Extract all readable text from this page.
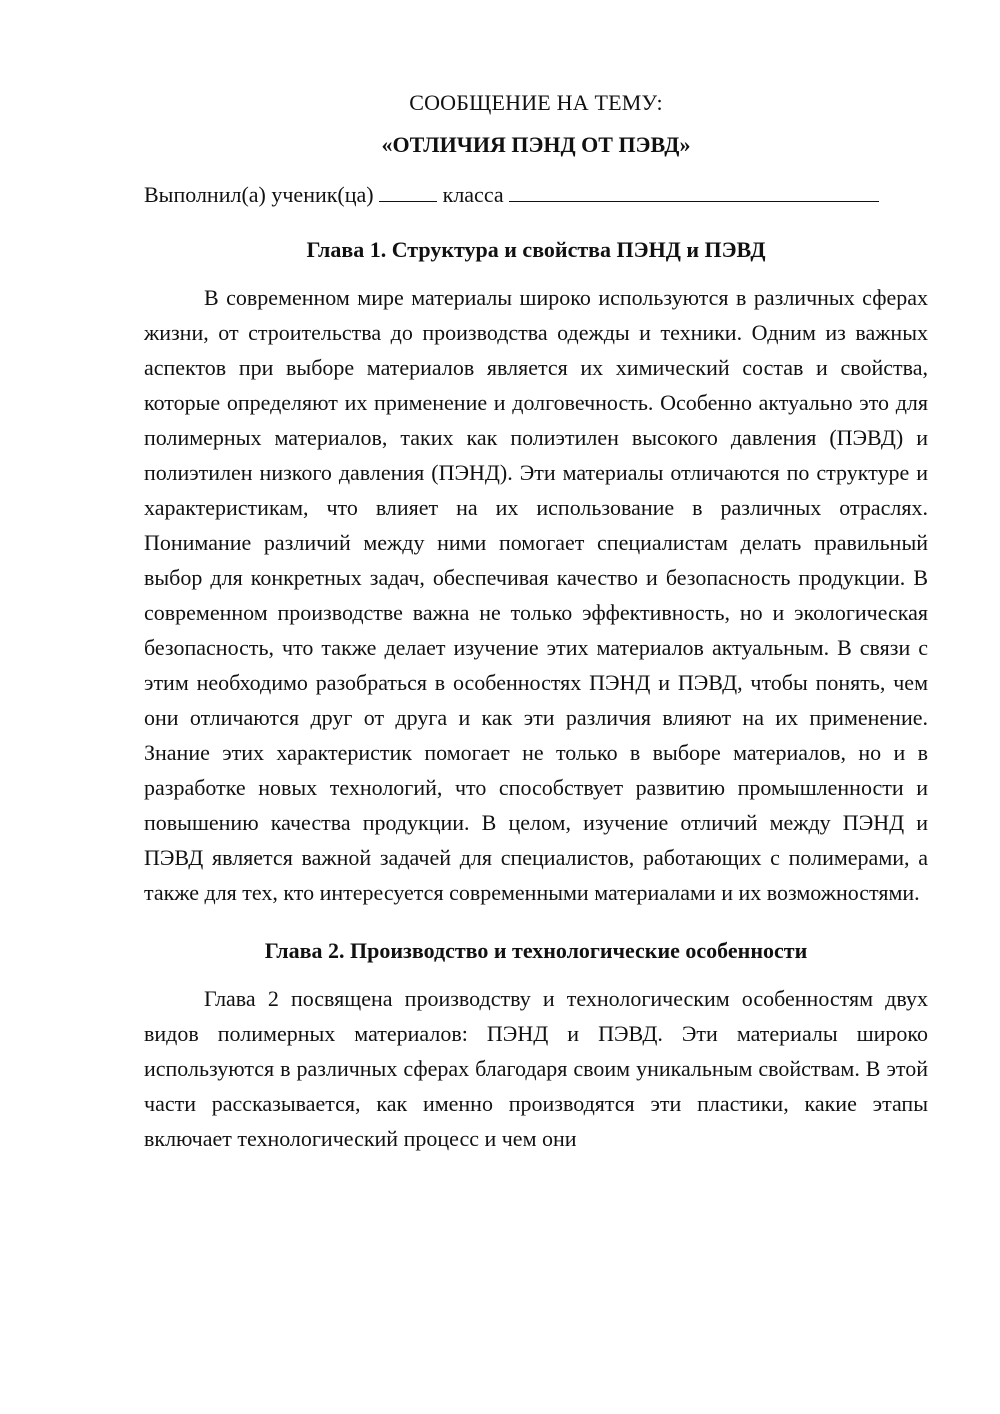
СООБЩЕНИЕ НА ТЕМУ:

«ОТЛИЧИЯ ПЭНД ОТ ПЭВД»

Выполнил(а) ученик(ца)	класса

Глава 1. Структура и свойства ПЭНД и ПЭВД

В современном мире материалы широко используются в различных сферах жизни, от строительства до производства одежды и техники. Одним из важных аспектов при выборе материалов является их химический состав и свойства, которые определяют их применение и долговечность. Особенно актуально это для полимерных материалов, таких как полиэтилен высокого давления (ПЭВД) и полиэтилен низкого давления (ПЭНД). Эти материалы отличаются по структуре и характеристикам, что влияет на их использование в различных отраслях. Понимание различий между ними помогает специалистам делать правильный выбор для конкретных задач, обеспечивая качество и безопасность продукции. В современном производстве важна не только эффективность, но и экологическая безопасность, что также делает изучение этих материалов актуальным. В связи с этим необходимо разобраться в особенностях ПЭНД и ПЭВД, чтобы понять, чем они отличаются друг от друга и как эти различия влияют на их применение. Знание этих характеристик помогает не только в выборе материалов, но и в разработке новых технологий, что способствует развитию промышленности и повышению качества продукции. В целом, изучение отличий между ПЭНД и ПЭВД является важной задачей для специалистов, работающих с полимерами, а также для тех, кто интересуется современными материалами и их возможностями.

Глава 2. Производство и технологические особенности

Глава 2 посвящена производству и технологическим особенностям двух видов полимерных материалов: ПЭНД и ПЭВД. Эти материалы широко используются в различных сферах благодаря своим уникальным свойствам. В этой части рассказывается, как именно производятся эти пластики, какие этапы включает технологический процесс и чем они
